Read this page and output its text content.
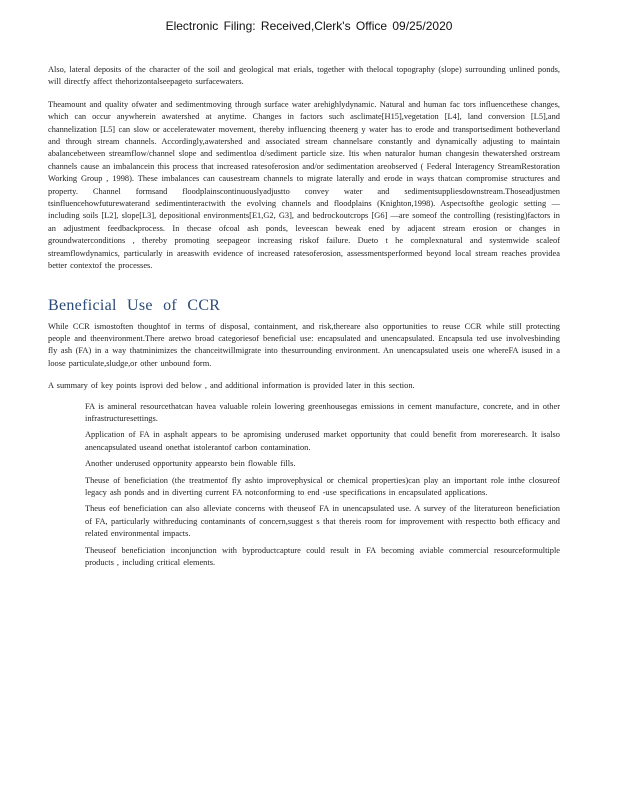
Electronic Filing: Received,Clerk's Office 09/25/2020

Also, lateral deposits of the character of the soil and geological mat erials, together with thelocal topography (slope) surrounding unlined ponds, will directfy affect thehorizontalseepageto surfacewaters.

Theamount and quality ofwater and sedimentmoving through surface water arehighlydynamic. Natural and human fac tors influencethese changes, which can occur anywherein awatershed at anytime. Changes in factors such asclimate[H15],vegetation [L4], land conversion [L5],and channelization [L5] can slow or acceleratewater movement, thereby influencing theenerg y water has to erode and transportsediment botheverland and through stream channels. Accordingly,awatershed and associated stream channelsare constantly and dynamically adjusting to maintain abalancebetween streamflow/channel slope and sedimentloa d/sediment particle size. Itis when naturalor human changesin thewatershed orstream channels cause an imbalancein this process that increased ratesoferosion and/or sedimentation areobserved ( Federal Interagency StreamRestoration Working Group , 1998). These imbalances can causestream channels to migrate laterally and erode in ways thatcan compromise structures and property. Channel formsand floodplainscontinuouslyadjustto convey water and sedimentsuppliesdownstream.Thoseadjustmen tsinfluencehowfuturewaterand sedimentinteractwith the evolving channels and floodplains (Knighton,1998). Aspectsofthe geologic setting —including soils [L2], slope[L3], depositional environments[E1,G2, G3], and bedrockoutcrops [G6] —are someof the controlling (resisting)factors in an adjustment feedbackprocess. In thecase ofcoal ash ponds, leveescan beweak ened by adjacent stream erosion or changes in groundwaterconditions , thereby promoting seepageor increasing riskof failure. Dueto t he complexnatural and systemwide scaleof streamflowdynamics, particularly in areaswith evidence of increased ratesoferosion, assessmentsperformed beyond local stream reaches providea better contextof the processes.

Beneficial Use of CCR

While CCR ismostoften thoughtof in terms of disposal, containment, and risk,thereare also opportunities to reuse CCR while still protecting people and theenvironment.There aretwo broad categoriesof beneficial use: encapsulated and unencapsulated. Encapsula ted use involvesbinding fly ash (FA) in a way thatminimizes the chanceitwillmigrate into thesurrounding environment. An unencapsulated useis one whereFA isused in a loose particulate,sludge,or other unbound form.

A summary of key points isprovi ded below , and additional information is provided later in this section.

FA is amineral resourcethatcan havea valuable rolein lowering greenhousegas emissions in cement manufacture, concrete, and in other infrastructuresettings.
Application of FA in asphalt appears to be apromising underused market opportunity that could benefit from moreresearch. It isalso anencapsulated useand onethat istolerantof carbon contamination.
Another underused opportunity appearsto bein flowable fills.
Theuse of beneficiation (the treatmentof fly ashto improvephysical or chemical properties)can play an important role inthe closureof legacy ash ponds and in diverting current FA notconforming to end -use specifications in encapsulated applications.
Theus eof beneficiation can also alleviate concerns with theuseof FA in unencapsulated use. A survey of the literatureon beneficiation of FA, particularly withreducing contaminants of concern,suggest s that thereis room for improvement with respectto both efficacy and related environmental impacts.
Theuseof beneficiation inconjunction with byproductcapture could result in FA becoming aviable commercial resourceformultiple products , including critical elements.
